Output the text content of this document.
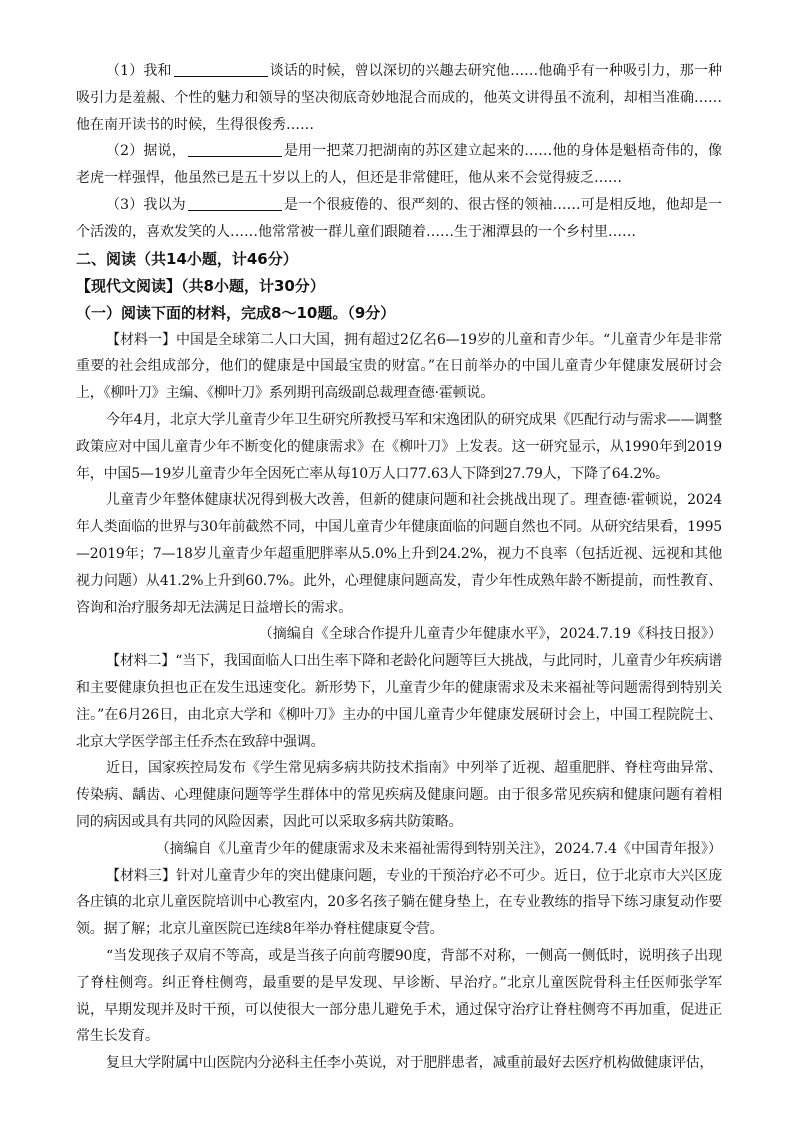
（1）我和	谈话的时候，曾以深切的兴趣去研究他……他确乎有一种吸引力，那一种吸引力是羞赧、个性的魅力和领导的坚决彻底奇妙地混合而成的，他英文讲得虽不流利，却相当准确……他在南开读书的时候，生得很俊秀……

（2）据说，	是用一把菜刀把湖南的苏区建立起来的……他的身体是魁梧奇伟的，像老虎一样强悍，他虽然已是五十岁以上的人，但还是非常健旺，他从来不会觉得疲乏……

（3）我以为	是一个很疲倦的、很严刻的、很古怪的领袖……可是相反地，他却是一个活泼的，喜欢发笑的人……他常常被一群儿童们跟随着……生于湘潭县的一个乡村里……

二、阅读（共14小题，计46分）

【现代文阅读】（共8小题，计30分）

（一）阅读下面的材料，完成8～10题。（9分）

【材料一】中国是全球第二人口大国，拥有超过2亿名6—19岁的儿童和青少年。“儿童青少年是非常重要的社会组成部分，他们的健康是中国最宝贵的财富。”在日前举办的中国儿童青少年健康发展研讨会上，《柳叶刀》主编、《柳叶刀》系列期刊高级副总裁理查德·霍顿说。

今年4月，北京大学儿童青少年卫生研究所教授马军和宋逸团队的研究成果《匹配行动与需求——调整政策应对中国儿童青少年不断变化的健康需求》在《柳叶刀》上发表。这一研究显示，从1990年到2019年，中国5—19岁儿童青少年全因死亡率从每10万人口77.63人下降到27.79人，下降了64.2%。

儿童青少年整体健康状况得到极大改善，但新的健康问题和社会挑战出现了。理查德·霍顿说，2024年人类面临的世界与30年前截然不同，中国儿童青少年健康面临的问题自然也不同。从研究结果看，1995—2019年；7—18岁儿童青少年超重肥胖率从5.0%上升到24.2%，视力不良率（包括近视、远视和其他视力问题）从41.2%上升到60.7%。此外，心理健康问题高发，青少年性成熟年龄不断提前，而性教育、咨询和治疗服务却无法满足日益增长的需求。

（摘编自《全球合作提升儿童青少年健康水平》，2024.7.19《科技日报》）

【材料二】“当下，我国面临人口出生率下降和老龄化问题等巨大挑战，与此同时，儿童青少年疾病谱和主要健康负担也正在发生迅速变化。新形势下，儿童青少年的健康需求及未来福祉等问题需得到特别关注。”在6月26日，由北京大学和《柳叶刀》主办的中国儿童青少年健康发展研讨会上，中国工程院院士、北京大学医学部主任乔杰在致辞中强调。

近日，国家疾控局发布《学生常见病多病共防技术指南》中列举了近视、超重肥胖、脊柱弯曲异常、传染病、龋齿、心理健康问题等学生群体中的常见疾病及健康问题。由于很多常见疾病和健康问题有着相同的病因或具有共同的风险因素，因此可以采取多病共防策略。

（摘编自《儿童青少年的健康需求及未来福祉需得到特别关注》，2024.7.4《中国青年报》）

【材料三】针对儿童青少年的突出健康问题，专业的干预治疗必不可少。近日，位于北京市大兴区庞各庄镇的北京儿童医院培训中心教室内，20多名孩子躺在健身垫上，在专业教练的指导下练习康复动作要领。据了解；北京儿童医院已连续8年举办脊柱健康夏令营。

“当发现孩子双肩不等高，或是当孩子向前弯腰90度，背部不对称，一侧高一侧低时，说明孩子出现了脊柱侧弯。纠正脊柱侧弯，最重要的是早发现、早诊断、早治疗。”北京儿童医院骨科主任医师张学军说，早期发现并及时干预，可以使很大一部分患儿避免手术，通过保守治疗让脊柱侧弯不再加重，促进正常生长发育。

复旦大学附属中山医院内分泌科主任李小英说，对于肥胖患者，减重前最好去医疗机构做健康评估，
